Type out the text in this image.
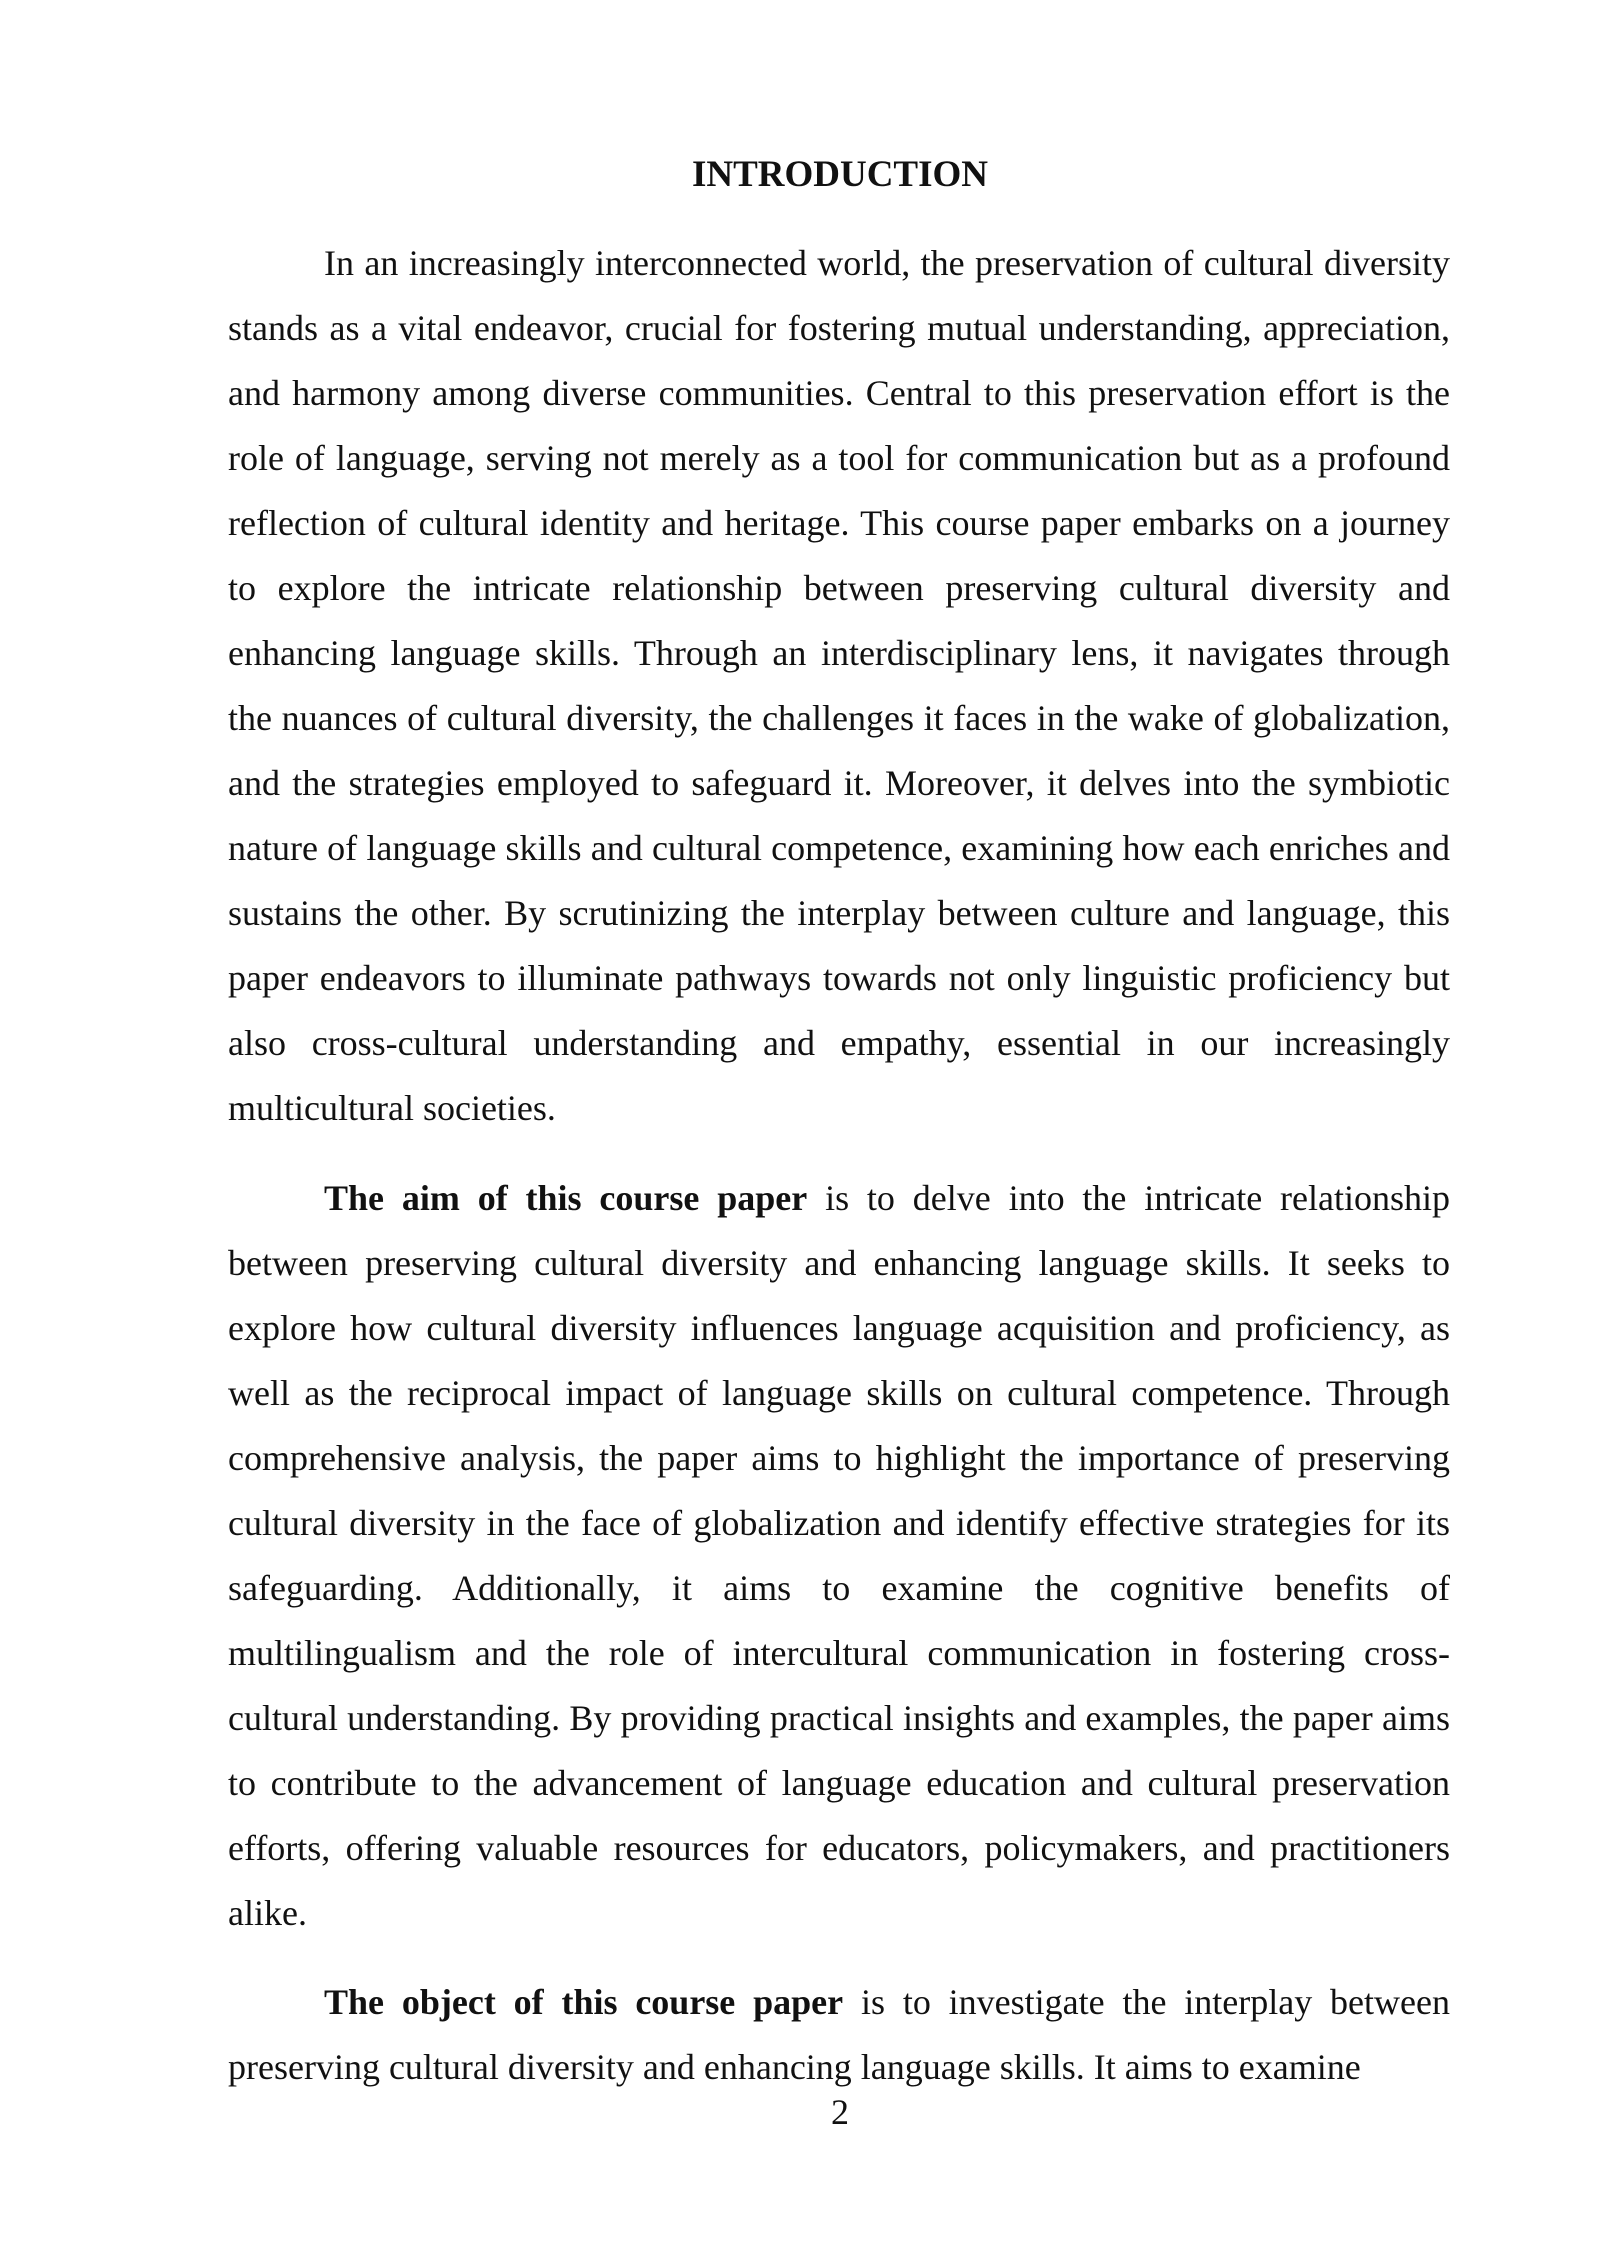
INTRODUCTION

In an increasingly interconnected world, the preservation of cultural diversity stands as a vital endeavor, crucial for fostering mutual understanding, appreciation, and harmony among diverse communities. Central to this preservation effort is the role of language, serving not merely as a tool for communication but as a profound reflection of cultural identity and heritage. This course paper embarks on a journey to explore the intricate relationship between preserving cultural diversity and enhancing language skills. Through an interdisciplinary lens, it navigates through the nuances of cultural diversity, the challenges it faces in the wake of globalization, and the strategies employed to safeguard it. Moreover, it delves into the symbiotic nature of language skills and cultural competence, examining how each enriches and sustains the other. By scrutinizing the interplay between culture and language, this paper endeavors to illuminate pathways towards not only linguistic proficiency but also cross-cultural understanding and empathy, essential in our increasingly multicultural societies.

The aim of this course paper is to delve into the intricate relationship between preserving cultural diversity and enhancing language skills. It seeks to explore how cultural diversity influences language acquisition and proficiency, as well as the reciprocal impact of language skills on cultural competence. Through comprehensive analysis, the paper aims to highlight the importance of preserving cultural diversity in the face of globalization and identify effective strategies for its safeguarding. Additionally, it aims to examine the cognitive benefits of multilingualism and the role of intercultural communication in fostering cross-cultural understanding. By providing practical insights and examples, the paper aims to contribute to the advancement of language education and cultural preservation efforts, offering valuable resources for educators, policymakers, and practitioners alike.

The object of this course paper is to investigate the interplay between preserving cultural diversity and enhancing language skills. It aims to examine

2
